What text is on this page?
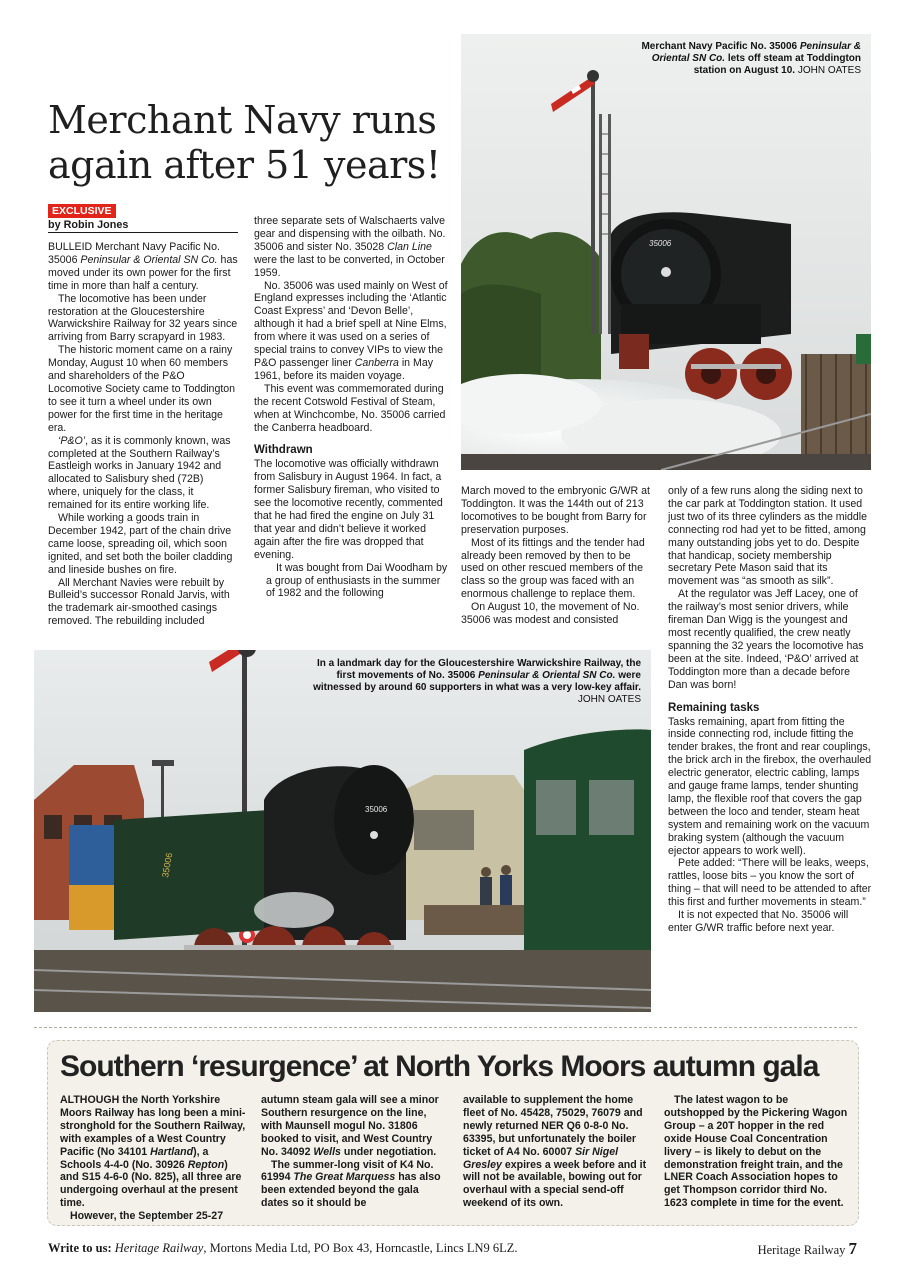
Merchant Navy runs again after 51 years!
35006
Merchant Navy Pacific No. 35006 Peninsular & Oriental SN Co. lets off steam at Toddington station on August 10. JOHN OATES
EXCLUSIVE
by Robin Jones

BULLEID Merchant Navy Pacific No. 35006 Peninsular & Oriental SN Co. has moved under its own power for the first time in more than half a century.

The locomotive has been under restoration at the Gloucestershire Warwickshire Railway for 32 years since arriving from Barry scrapyard in 1983.

The historic moment came on a rainy Monday, August 10 when 60 members and shareholders of the P&O Locomotive Society came to Toddington to see it turn a wheel under its own power for the first time in the heritage era.

‘P&O’, as it is commonly known, was completed at the Southern Railway’s Eastleigh works in January 1942 and allocated to Salisbury shed (72B) where, uniquely for the class, it remained for its entire working life.

While working a goods train in December 1942, part of the chain drive came loose, spreading oil, which soon ignited, and set both the boiler cladding and lineside bushes on fire.

All Merchant Navies were rebuilt by Bulleid’s successor Ronald Jarvis, with the trademark air-smoothed casings removed. The rebuilding included

three separate sets of Walschaerts valve gear and dispensing with the oilbath. No. 35006 and sister No. 35028 Clan Line were the last to be converted, in October 1959.

No. 35006 was used mainly on West of England expresses including the ‘Atlantic Coast Express’ and ‘Devon Belle’, although it had a brief spell at Nine Elms, from where it was used on a series of special trains to convey VIPs to view the P&O passenger liner Canberra in May 1961, before its maiden voyage.

This event was commemorated during the recent Cotswold Festival of Steam, when at Winchcombe, No. 35006 carried the Canberra headboard.

Withdrawn

The locomotive was officially withdrawn from Salisbury in August 1964. In fact, a former Salisbury fireman, who visited to see the locomotive recently, commented that he had fired the engine on July 31 that year and didn’t believe it worked again after the fire was dropped that evening.

It was bought from Dai Woodham by a group of enthusiasts in the summer of 1982 and the following

March moved to the embryonic G/WR at Toddington. It was the 144th out of 213 locomotives to be bought from Barry for preservation purposes.

Most of its fittings and the tender had already been removed by then to be used on other rescued members of the class so the group was faced with an enormous challenge to replace them.

On August 10, the movement of No. 35006 was modest and consisted

only of a few runs along the siding next to the car park at Toddington station. It used just two of its three cylinders as the middle connecting rod had yet to be fitted, among many outstanding jobs yet to do. Despite that handicap, society membership secretary Pete Mason said that its movement was “as smooth as silk”.

At the regulator was Jeff Lacey, one of the railway’s most senior drivers, while fireman Dan Wigg is the youngest and most recently qualified, the crew neatly spanning the 32 years the locomotive has been at the site. Indeed, ‘P&O’ arrived at Toddington more than a decade before Dan was born!

Remaining tasks

Tasks remaining, apart from fitting the inside connecting rod, include fitting the tender brakes, the front and rear couplings, the brick arch in the firebox, the overhauled electric generator, electric cabling, lamps and gauge frame lamps, tender shunting lamp, the flexible roof that covers the gap between the loco and tender, steam heat system and remaining work on the vacuum braking system (although the vacuum ejector appears to work well).

Pete added: “There will be leaks, weeps, rattles, loose bits – you know the sort of thing – that will need to be attended to after this first and further movements in steam.”

It is not expected that No. 35006 will enter G/WR traffic before next year.

35006
35006
In a landmark day for the Gloucestershire Warwickshire Railway, the first movements of No. 35006 Peninsular & Oriental SN Co. were witnessed by around 60 supporters in what was a very low-key affair. JOHN OATES
Southern ‘resurgence’ at North Yorks Moors autumn gala

ALTHOUGH the North Yorkshire Moors Railway has long been a mini-stronghold for the Southern Railway, with examples of a West Country Pacific (No 34101 Hartland), a Schools 4-4-0 (No. 30926 Repton) and S15 4-6-0 (No. 825), all three are undergoing overhaul at the present time.

However, the September 25-27

autumn steam gala will see a minor Southern resurgence on the line, with Maunsell mogul No. 31806 booked to visit, and West Country No. 34092 Wells under negotiation.

The summer-long visit of K4 No. 61994 The Great Marquess has also been extended beyond the gala dates so it should be

available to supplement the home fleet of No. 45428, 75029, 76079 and newly returned NER Q6 0-8-0 No. 63395, but unfortunately the boiler ticket of A4 No. 60007 Sir Nigel Gresley expires a week before and it will not be available, bowing out for overhaul with a special send-off weekend of its own.

The latest wagon to be outshopped by the Pickering Wagon Group – a 20T hopper in the red oxide House Coal Concentration livery – is likely to debut on the demonstration freight train, and the LNER Coach Association hopes to get Thompson corridor third No. 1623 complete in time for the event.

Write to us: Heritage Railway, Mortons Media Ltd, PO Box 43, Horncastle, Lincs LN9 6LZ.	Heritage Railway 7
